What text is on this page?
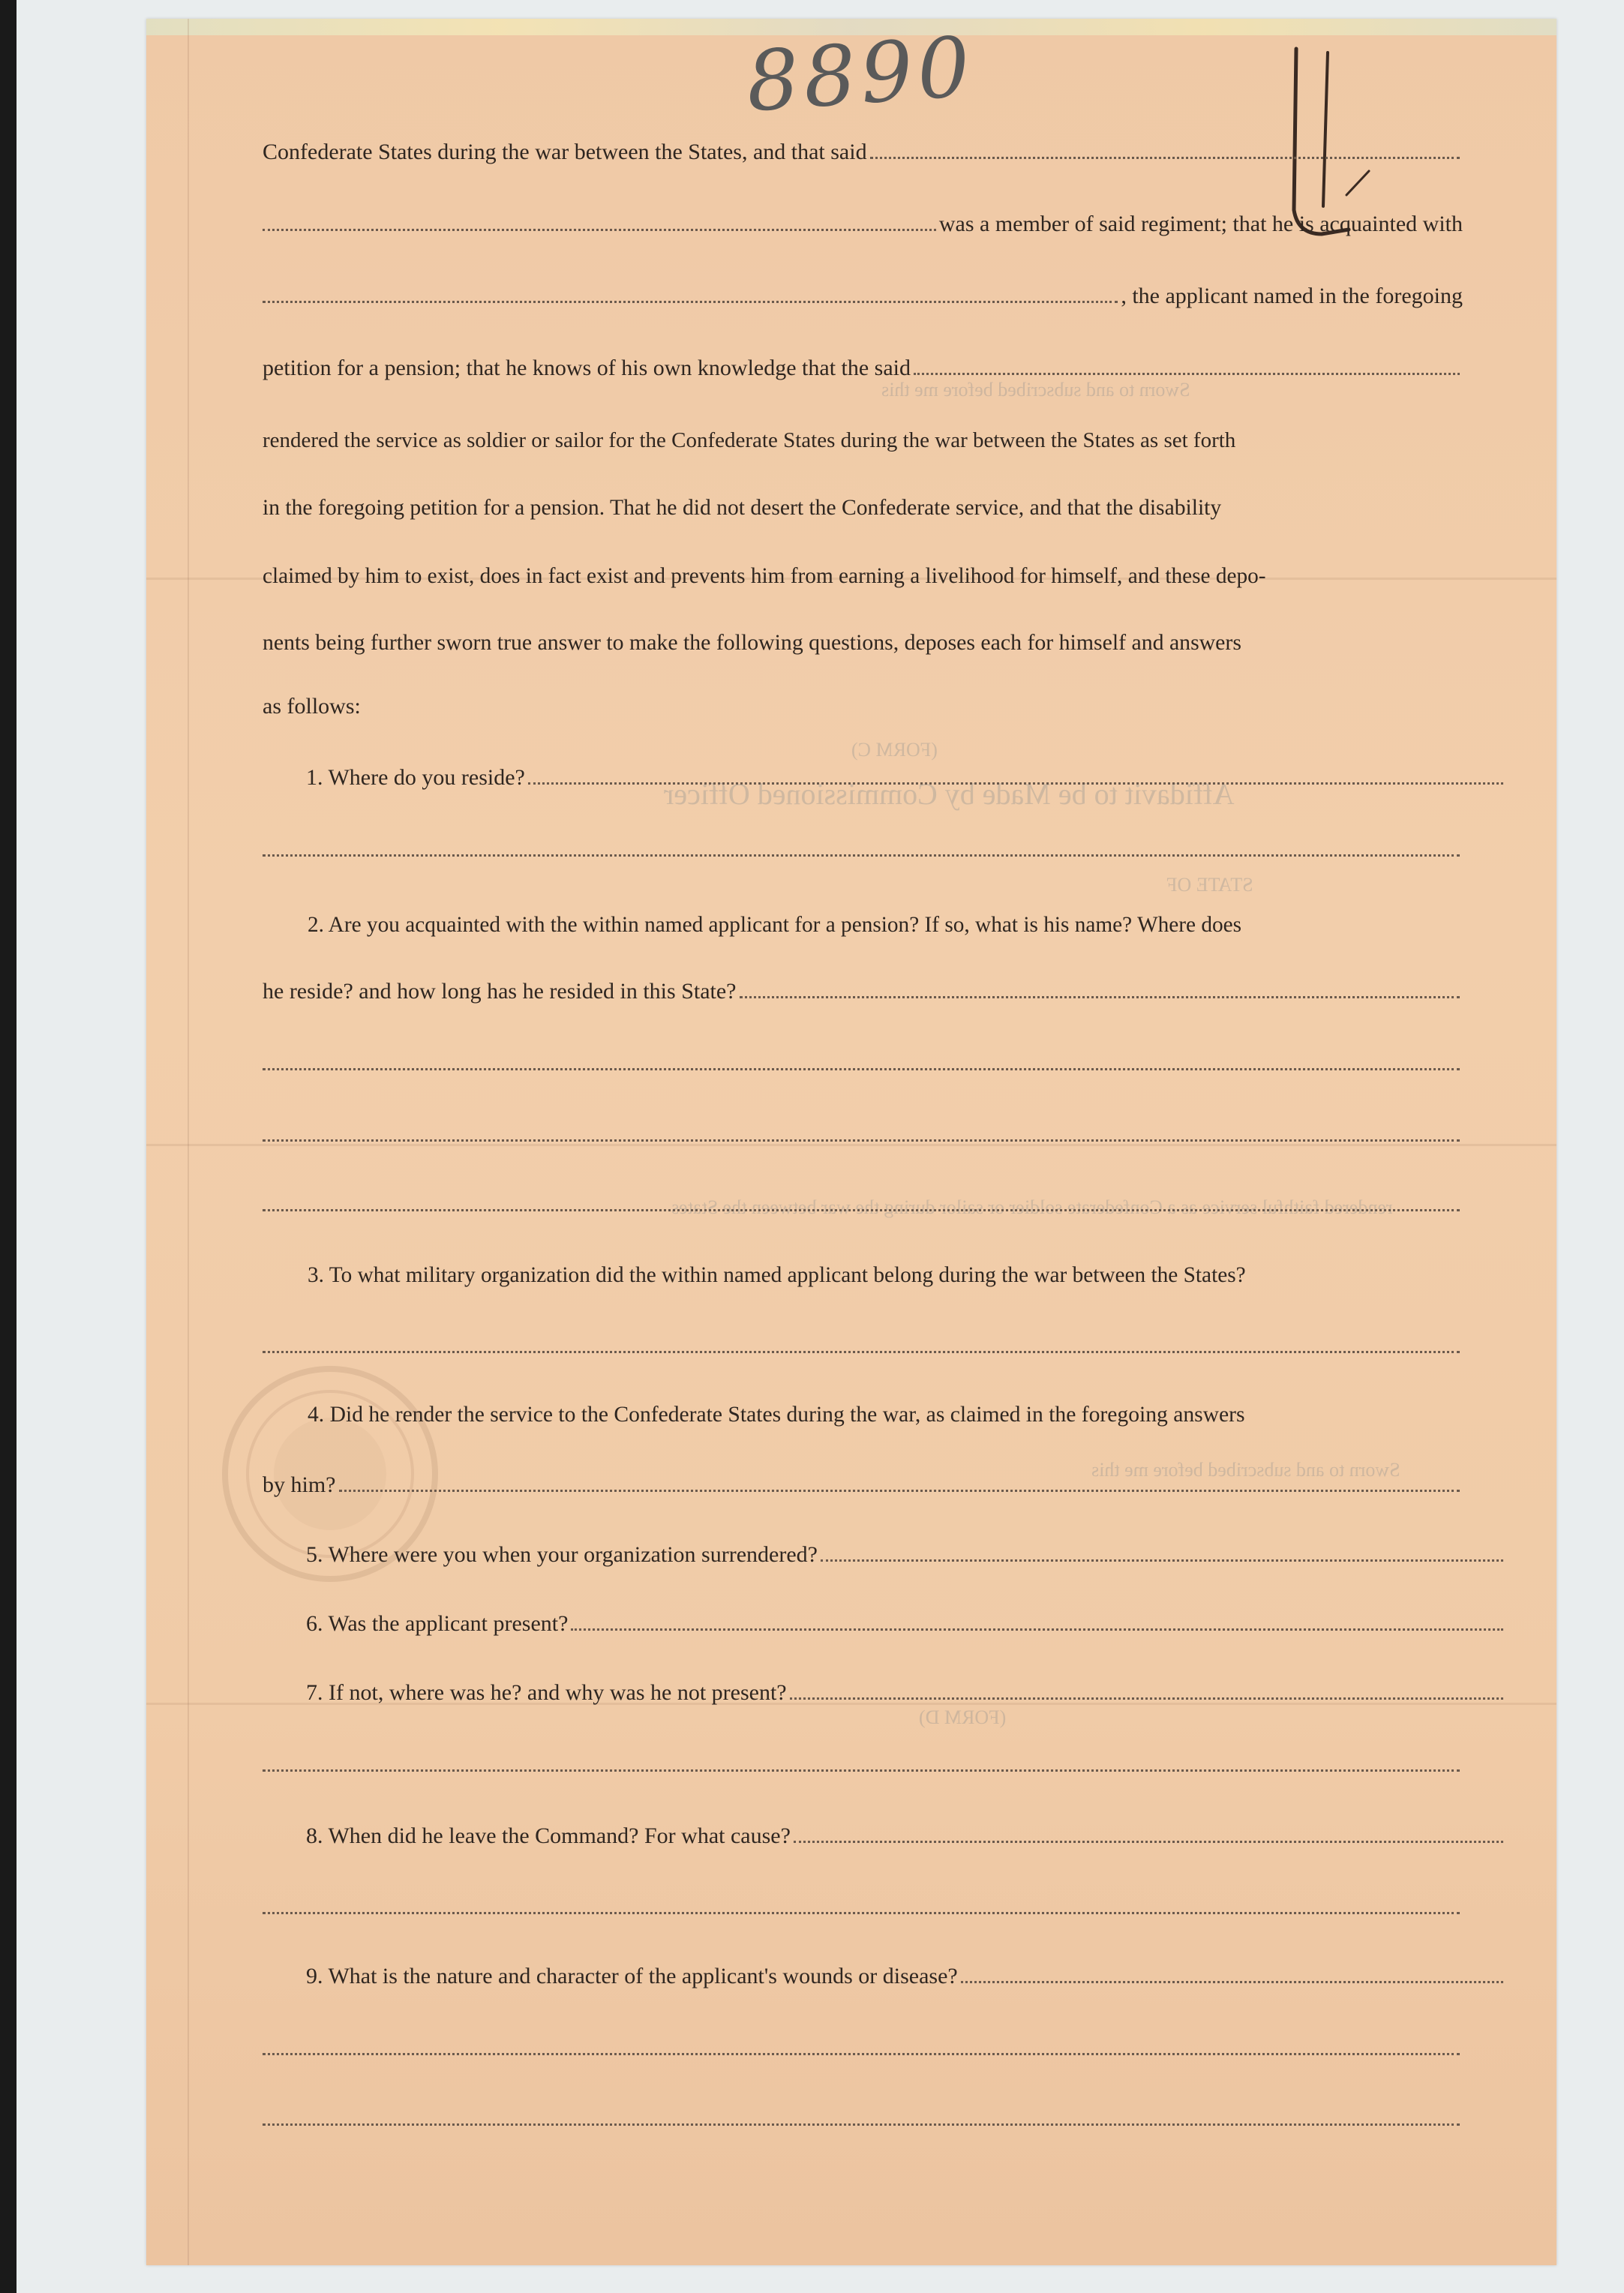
Sworn to and subscribed before me this
(FORM C)
Affidavit to be Made by Commissioned Officer
STATE OF
rendered faithful service as a Confederate soldier or sailor during the war between the States
Sworn to and subscribed before me this
(FORM D)
8890
Confederate States during the war between the States, and that said
was a member of said regiment; that he is acquainted with
, the applicant named in the foregoing
petition for a pension; that he knows of his own knowledge that the said
rendered the service as soldier or sailor for the Confederate States during the war between the States as set forth
in the foregoing petition for a pension. That he did not desert the Confederate service, and that the disability
claimed by him to exist, does in fact exist and prevents him from earning a livelihood for himself, and these depo-
nents being further sworn true answer to make the following questions, deposes each for himself and answers
as follows:
1. Where do you reside?
2. Are you acquainted with the within named applicant for a pension? If so, what is his name? Where does
he reside? and how long has he resided in this State?
3. To what military organization did the within named applicant belong during the war between the States?
4. Did he render the service to the Confederate States during the war, as claimed in the foregoing answers
by him?
5. Where were you when your organization surrendered?
6. Was the applicant present?
7. If not, where was he? and why was he not present?
8. When did he leave the Command? For what cause?
9. What is the nature and character of the applicant's wounds or disease?
